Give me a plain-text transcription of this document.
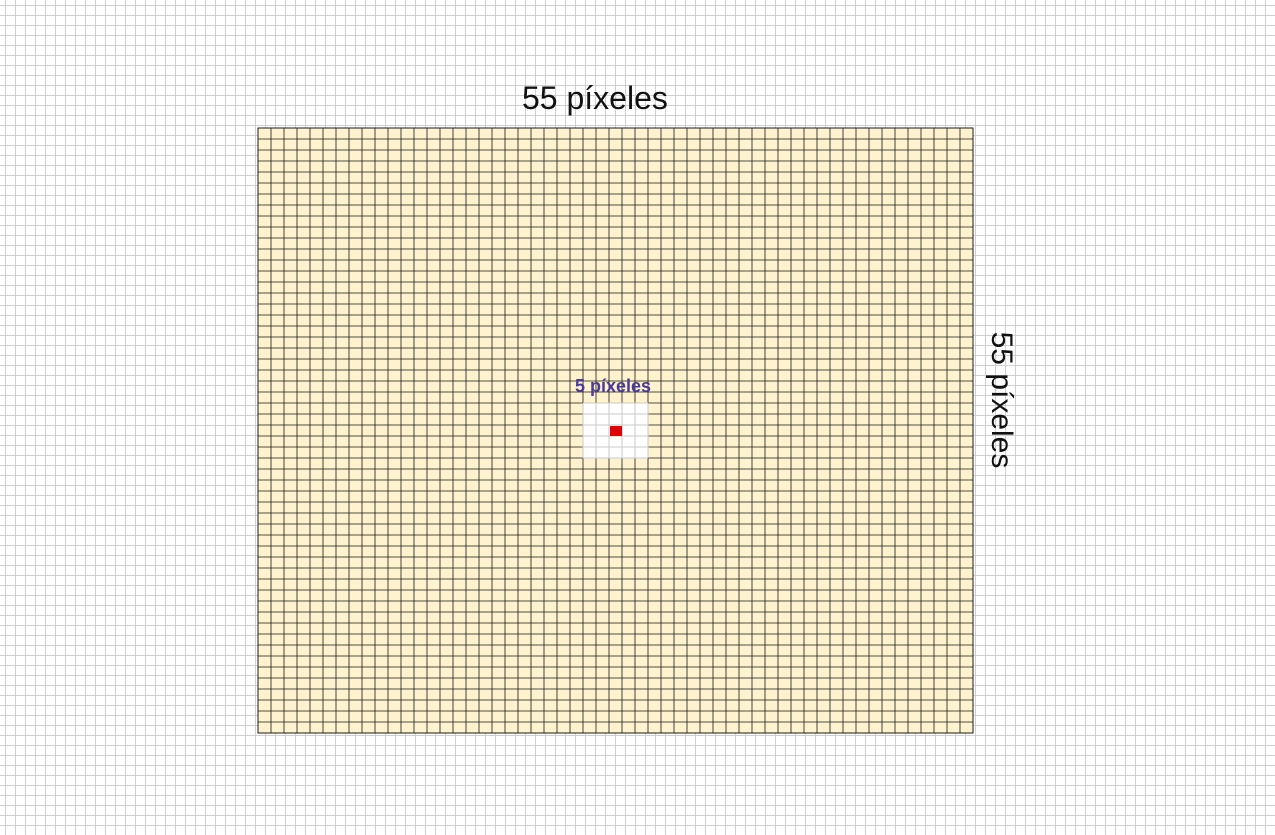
55 píxeles
55 píxeles
5 píxeles
